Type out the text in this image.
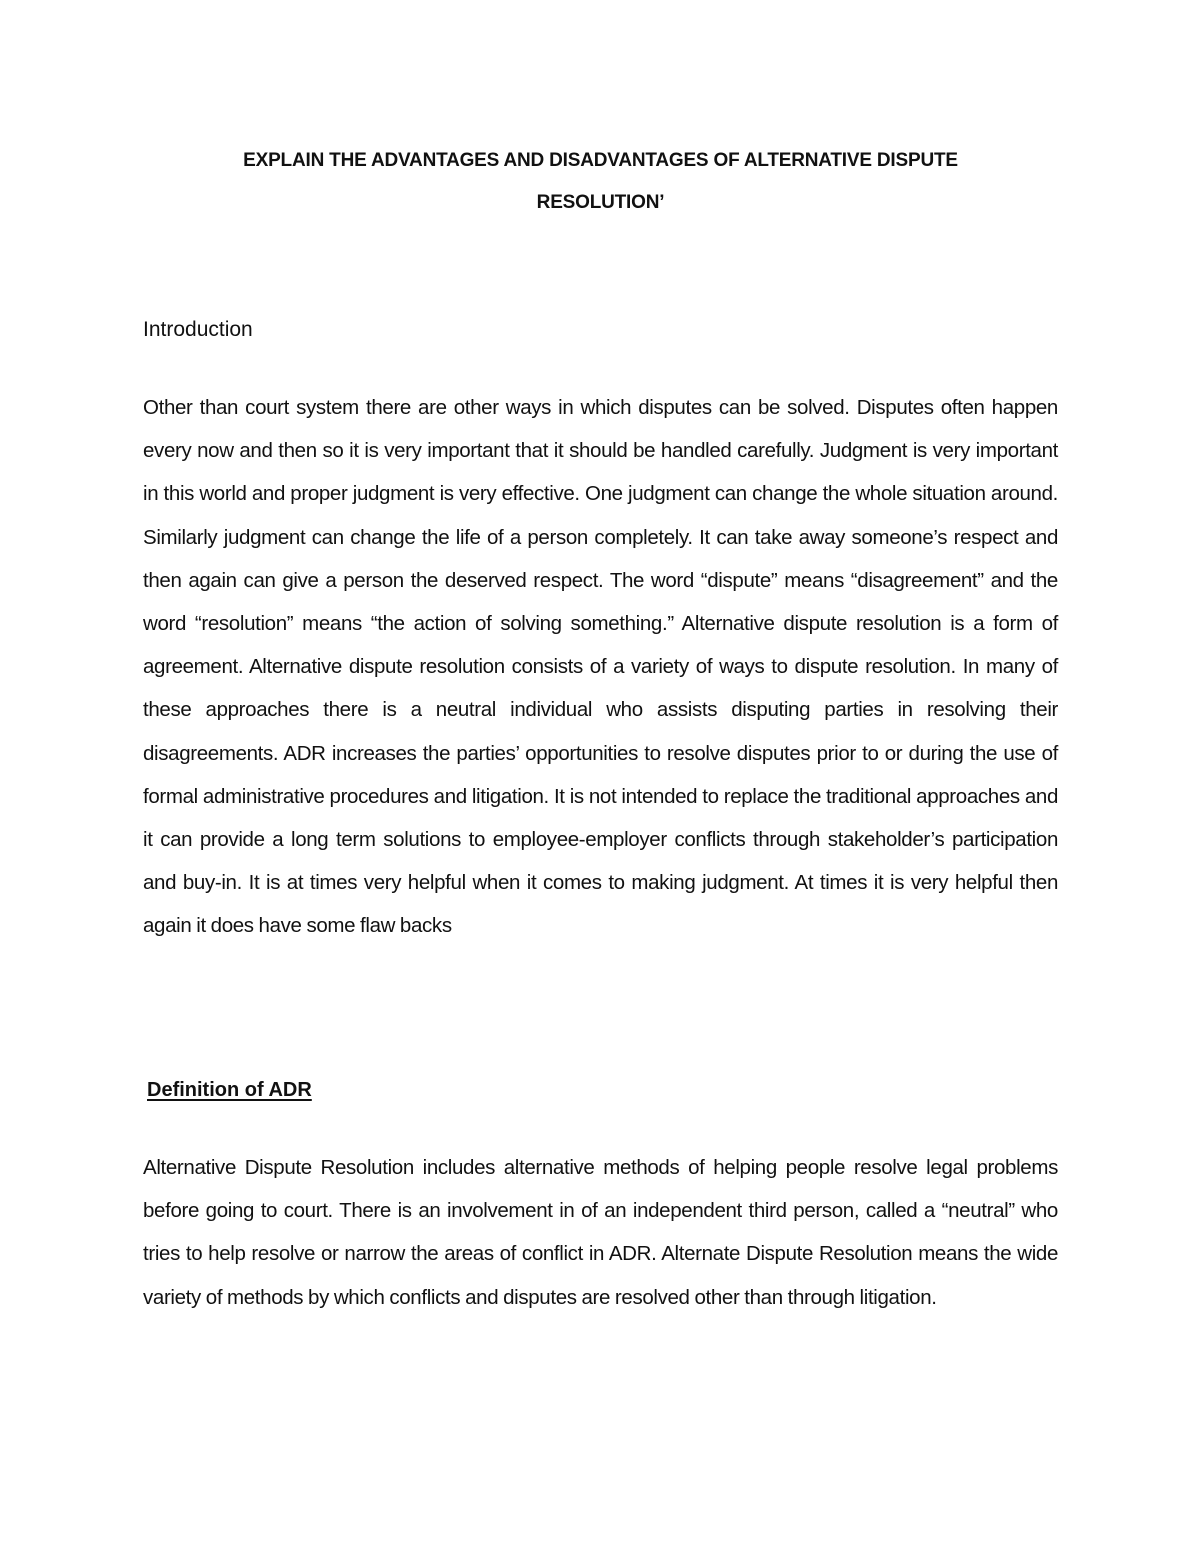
EXPLAIN THE ADVANTAGES AND DISADVANTAGES OF ALTERNATIVE DISPUTE
RESOLUTION’
Introduction
Other than court system there are other ways in which disputes can be solved. Disputes often happen every now and then so it is very important that it should be handled carefully. Judgment is very important in this world and proper judgment is very effective. One judgment can change the whole situation around. Similarly judgment can change the life of a person completely. It can take away someone’s respect and then again can give a person the deserved respect. The word “dispute” means “disagreement” and the word “resolution” means “the action of solving something.” Alternative dispute resolution is a form of agreement. Alternative dispute resolution consists of a variety of ways to dispute resolution. In many of these approaches there is a neutral individual who assists disputing parties in resolving their disagreements. ADR increases the parties’ opportunities to resolve disputes prior to or during the use of formal administrative procedures and litigation. It is not intended to replace the traditional approaches and it can provide a long term solutions to employee-employer conflicts through stakeholder’s participation and buy-in. It is at times very helpful when it comes to making judgment. At times it is very helpful then again it does have some flaw backs
Definition of ADR
Alternative Dispute Resolution includes alternative methods of helping people resolve legal problems before going to court. There is an involvement in of an independent third person, called a “neutral” who tries to help resolve or narrow the areas of conflict in ADR. Alternate Dispute Resolution means the wide variety of methods by which conflicts and disputes are resolved other than through litigation.
